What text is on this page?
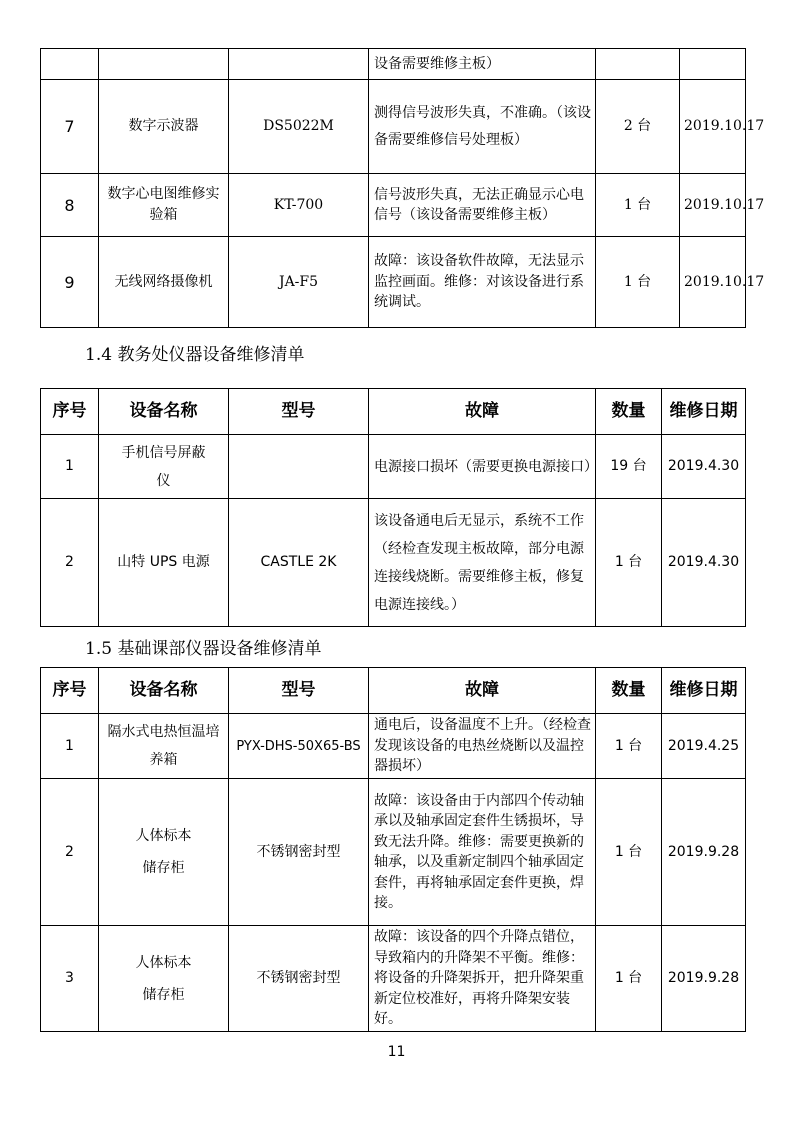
			设备需要维修主板）		
7	数字示波器	DS5022M	测得信号波形失真，不准确。（该设备需要维修信号处理板）	2 台	2019.10.17
8	数字心电图维修实验箱	KT-700	信号波形失真，无法正确显示心电信号（该设备需要维修主板）	1 台	2019.10.17
9	无线网络摄像机	JA-F5	故障：该设备软件故障，无法显示监控画面。维修：对该设备进行系统调试。	1 台	2019.10.17
1.4 教务处仪器设备维修清单
序号	设备名称	型号	故障	数量	维修日期
1	手机信号屏蔽仪		电源接口损坏（需要更换电源接口）	19 台	2019.4.30
2	山特 UPS 电源	CASTLE 2K	该设备通电后无显示，系统不工作（经检查发现主板故障，部分电源连接线烧断。需要维修主板，修复电源连接线。）	1 台	2019.4.30
1.5 基础课部仪器设备维修清单
序号	设备名称	型号	故障	数量	维修日期
1	隔水式电热恒温培养箱	PYX-DHS-50X65-BS	通电后，设备温度不上升。（经检查发现该设备的电热丝烧断以及温控器损坏）	1 台	2019.4.25
2	人体标本储存柜	不锈钢密封型	故障：该设备由于内部四个传动轴承以及轴承固定套件生锈损坏，导致无法升降。维修：需要更换新的轴承，以及重新定制四个轴承固定套件，再将轴承固定套件更换，焊接。	1 台	2019.9.28
3	人体标本储存柜	不锈钢密封型	故障：该设备的四个升降点错位，导致箱内的升降架不平衡。维修：将设备的升降架拆开，把升降架重新定位校准好，再将升降架安装好。	1 台	2019.9.28
11
